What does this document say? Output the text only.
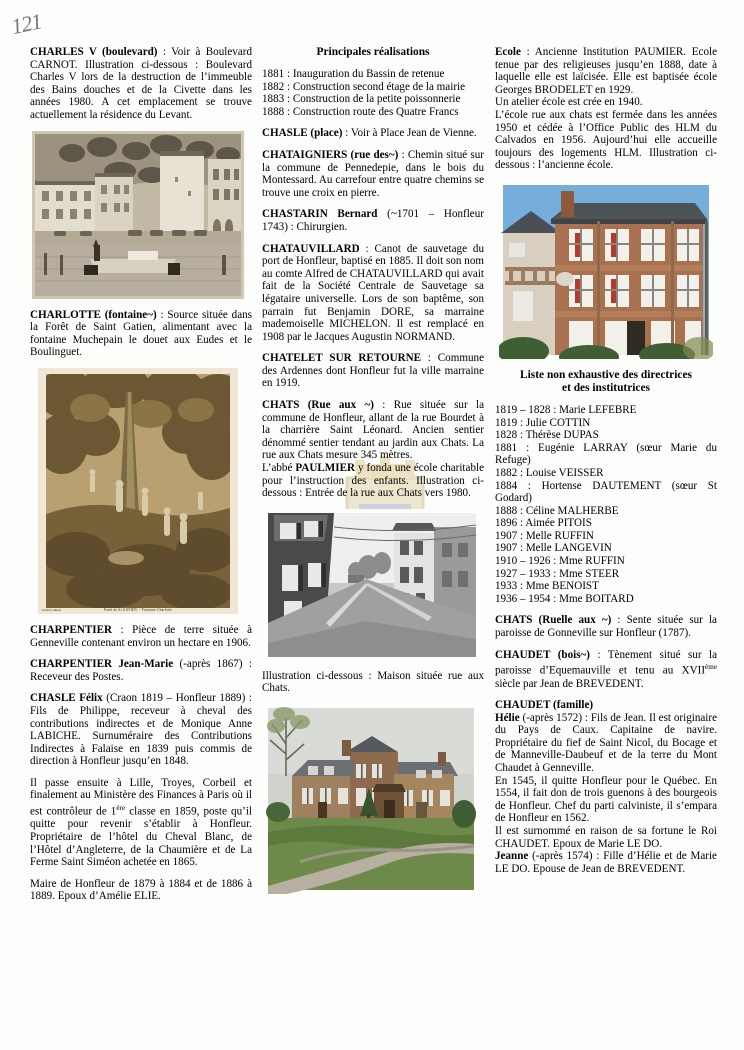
121

CHARLES V (boulevard) : Voir à Boulevard CARNOT. Illustration ci-dessous : Boulevard Charles V lors de la destruction de l’immeuble des Bains douches et de la Civette dans les années 1980. A cet emplacement se trouve actuellement la résidence du Levant.

CHARLOTTE (fontaine~) : Source située dans la Forêt de Saint Gatien, alimentant avec la fontaine Muchepain le douet aux Eudes et le Boulinguet.

Forêt de St GATIEN. - Fontaine Charlotte
Gérard, éditeur

CHARPENTIER : Pièce de terre située à Genneville contenant environ un hectare en 1906.

CHARPENTIER Jean-Marie (-après 1867) : Receveur des Postes.

CHASLE Félix (Craon 1819 – Honfleur 1889) : Fils de Philippe, receveur à cheval des contributions indirectes et de Monique Anne LABICHE. Surnuméraire des Contributions Indirectes à Falaise en 1839 puis commis de direction à Honfleur jusqu’en 1848.

Il passe ensuite à Lille, Troyes, Corbeil et finalement au Ministère des Finances à Paris où il est contrôleur de 1ère classe en 1859, poste qu’il quitte pour revenir s’établir à Honfleur. Propriétaire de l’hôtel du Cheval Blanc, de l’Hôtel d’Angleterre, de la Chaumière et de La Ferme Saint Siméon achetée en 1865.

Maire de Honfleur de 1879 à 1884 et de 1886 à 1889. Epoux d’Amélie ELIE.

Principales réalisations

1881 : Inauguration du Bassin de retenue

1882 : Construction second étage de la mairie

1883 : Construction de la petite poissonnerie

1888 : Construction route des Quatre Francs

CHASLE (place) : Voir à Place Jean de Vienne.

CHATAIGNIERS (rue des~) : Chemin situé sur la commune de Pennedepie, dans le bois du Montessard. Au carrefour entre quatre chemins se trouve une croix en pierre.

CHASTARIN Bernard (~1701 – Honfleur 1743) : Chirurgien.

CHATAUVILLARD : Canot de sauvetage du port de Honfleur, baptisé en 1885. Il doit son nom au comte Alfred de CHATAUVILLARD qui avait fait de la Société Centrale de Sauvetage sa légataire universelle. Lors de son baptême, son parrain fut Benjamin DORE, sa marraine mademoiselle MICHELON. Il est remplacé en 1908 par le Jacques Augustin NORMAND.

CHATELET SUR RETOURNE : Commune des Ardennes dont Honfleur fut la ville marraine en 1919.

CHATS (Rue aux ~) : Rue située sur la commune de Honfleur, allant de la rue Bourdet à la charrière Saint Léonard. Ancien sentier dénommé sentier tendant au jardin aux Chats. La rue aux Chats mesure 345 mètres.

L’abbé PAULMIER y fonda une école charitable pour l’instruction des enfants. Illustration ci-dessous : Entrée de la rue aux Chats vers 1980.

Illustration ci-dessous : Maison située rue aux Chats.

Ecole : Ancienne Institution PAUMIER. Ecole tenue par des religieuses jusqu’en 1888, date à laquelle elle est laïcisée. Elle est baptisée école Georges BRODELET en 1929.

Un atelier école est crée en 1940.

L’école rue aux chats est fermée dans les années 1950 et cédée à l’Office Public des HLM du Calvados en 1956. Aujourd’hui elle accueille toujours des logements HLM. Illustration ci-dessous : l’ancienne école.

Liste non exhaustive des directrices
et des institutrices

1819 – 1828 : Marie LEFEBRE

1819 : Julie COTTIN

1828 : Thérèse DUPAS

1881 : Eugénie LARRAY (sœur Marie du Refuge)

1882 : Louise VEISSER

1884 : Hortense DAUTEMENT (sœur St Godard)

1888 : Céline MALHERBE

1896 : Aimée PITOIS

1907 : Melle RUFFIN

1907 : Melle LANGEVIN

1910 – 1926 : Mme RUFFIN

1927 – 1933 : Mme STEER

1933 : Mme BENOIST

1936 – 1954 : Mme BOITARD

CHATS (Ruelle aux ~) : Sente située sur la paroisse de Gonneville sur Honfleur (1787).

CHAUDET (bois~) : Tènement situé sur la paroisse d’Equemauville et tenu au XVIIème siècle par Jean de BREVEDENT.

CHAUDET (famille)

Hélie (-après 1572) : Fils de Jean. Il est originaire du Pays de Caux. Capitaine de navire. Propriétaire du fief de Saint Nicol, du Bocage et de Manneville-Daubeuf et de la terre du Mont Chaudet à Genneville.

En 1545, il quitte Honfleur pour le Québec. En 1554, il fait don de trois guenons à des bourgeois de Honfleur. Chef du parti calviniste, il s’empara de Honfleur en 1562.

Il est surnommé en raison de sa fortune le Roi CHAUDET. Epoux de Marie LE DO.

Jeanne (-après 1574) : Fille d’Hélie et de Marie LE DO. Epouse de Jean de BREVEDENT.
